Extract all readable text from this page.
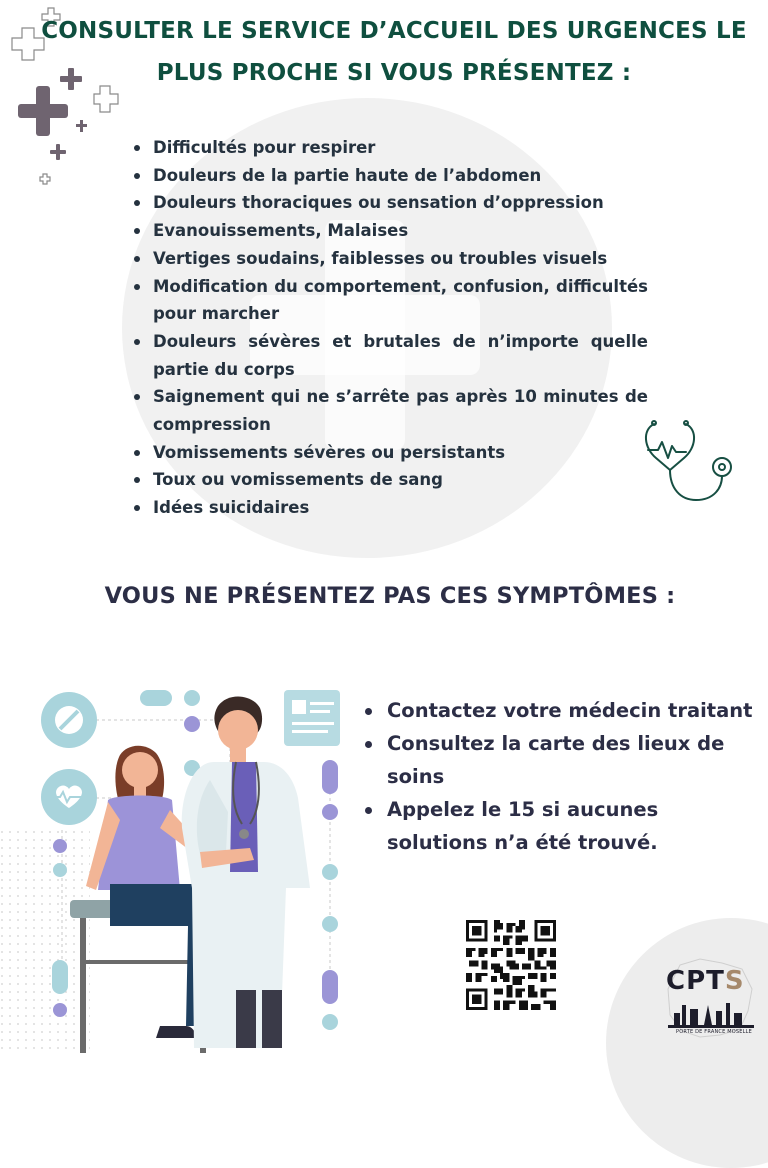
CONSULTER LE SERVICE D’ACCUEIL DES URGENCES LE PLUS PROCHE SI VOUS PRÉSENTEZ :
Difficultés pour respirer
Douleurs de la partie haute de l’abdomen
Douleurs thoraciques ou sensation d’oppression
Evanouissements, Malaises
Vertiges soudains, faiblesses ou troubles visuels
Modification du comportement, confusion, difficultés pour marcher
Douleurs sévères et brutales de n’importe quelle partie du corps
Saignement qui ne s’arrête pas après 10 minutes de compression
Vomissements sévères ou persistants
Toux ou vomissements de sang
Idées suicidaires
VOUS NE PRÉSENTEZ PAS CES SYMPTÔMES :
Contactez votre médecin traitant
Consultez la carte des lieux de soins
Appelez le 15 si aucunes solutions n’a été trouvé.
CPTS
PORTE DE FRANCE MOSELLE
